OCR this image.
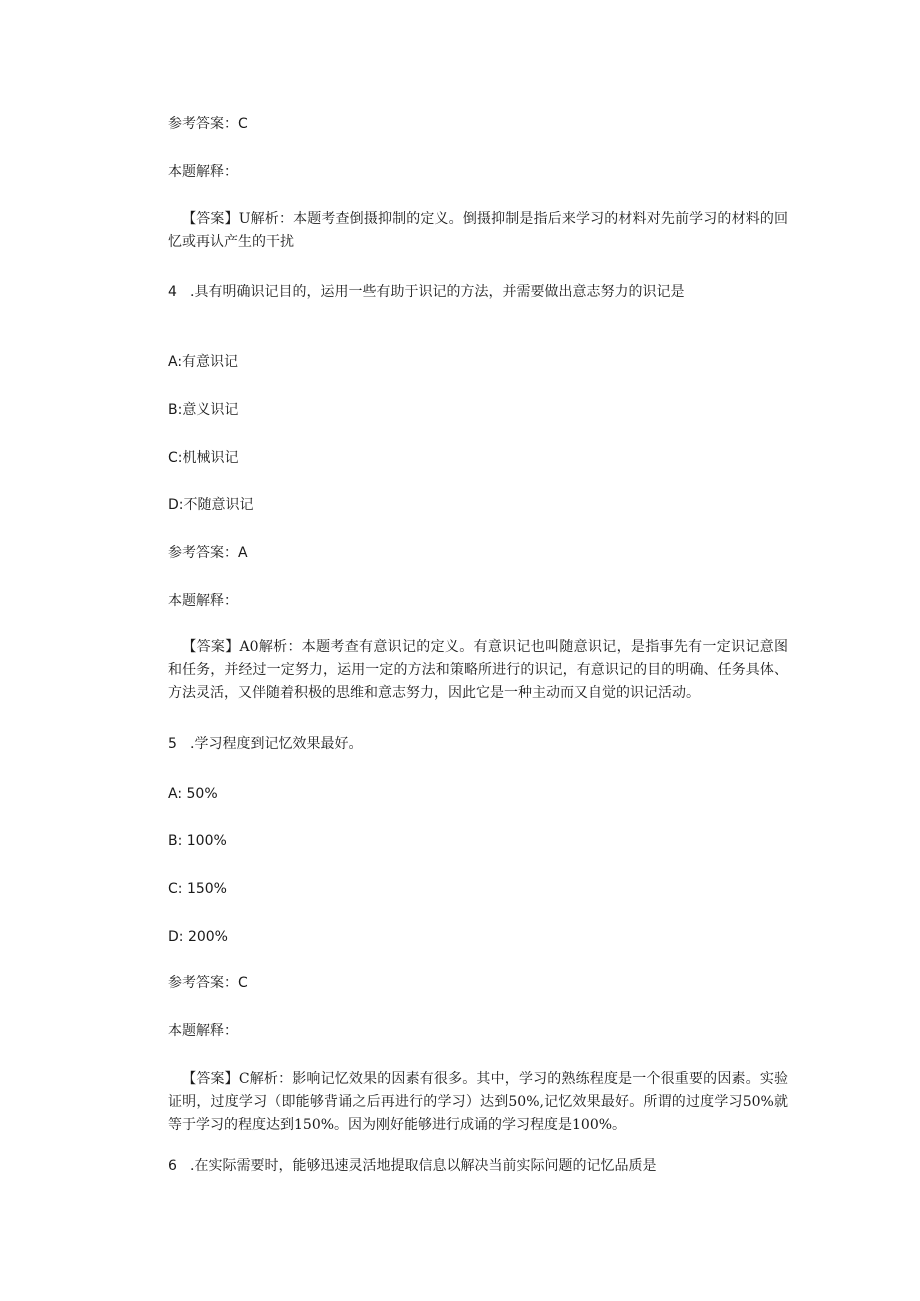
参考答案：C
本题解释：
【答案】U解析：本题考查倒摄抑制的定义。倒摄抑制是指后来学习的材料对先前学习的材料的回忆或再认产生的干扰
4 .具有明确识记目的，运用一些有助于识记的方法，并需要做出意志努力的识记是
A:有意识记
B:意义识记
C:机械识记
D:不随意识记
参考答案：A
本题解释：
【答案】A0解析：本题考查有意识记的定义。有意识记也叫随意识记，是指事先有一定识记意图和任务，并经过一定努力，运用一定的方法和策略所进行的识记，有意识记的目的明确、任务具体、方法灵活，又伴随着积极的思维和意志努力，因此它是一种主动而又自觉的识记活动。
5 .学习程度到记忆效果最好。
A: 50%
B: 100%
C: 150%
D: 200%
参考答案：C
本题解释：
【答案】C解析：影响记忆效果的因素有很多。其中，学习的熟练程度是一个很重要的因素。实验证明，过度学习（即能够背诵之后再进行的学习）达到50%,记忆效果最好。所谓的过度学习50%就等于学习的程度达到150%。因为刚好能够进行成诵的学习程度是100%。
6 .在实际需要时，能够迅速灵活地提取信息以解决当前实际问题的记忆品质是
